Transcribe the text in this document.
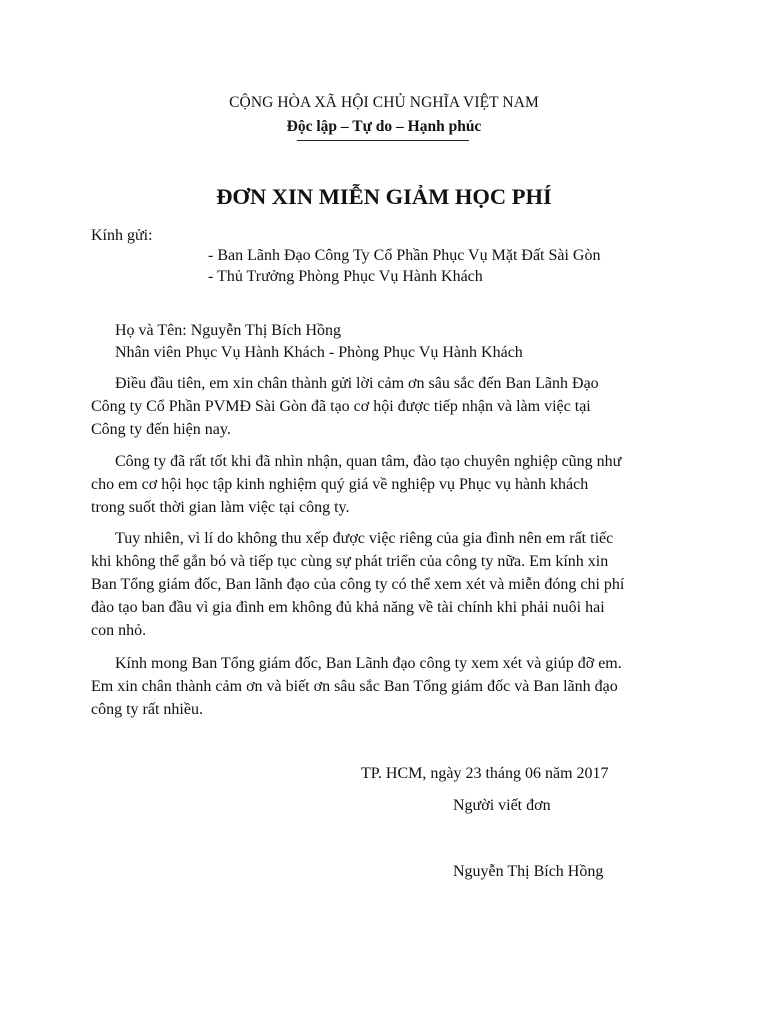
CỘNG HÒA XÃ HỘI CHỦ NGHĨA VIỆT NAM
Độc lập – Tự do – Hạnh phúc
ĐƠN XIN MIỄN GIẢM HỌC PHÍ
Kính gửi:
- Ban Lãnh Đạo Công Ty Cổ Phần Phục Vụ Mặt Đất Sài Gòn
- Thủ Trưởng Phòng Phục Vụ Hành Khách
Họ và Tên: Nguyễn Thị Bích Hồng
Nhân viên Phục Vụ Hành Khách - Phòng Phục Vụ Hành Khách
Điều đầu tiên, em xin chân thành gửi lời cảm ơn sâu sắc đến Ban Lãnh Đạo
Công ty Cổ Phần PVMĐ Sài Gòn đã tạo cơ hội được tiếp nhận và làm việc tại
Công ty đến hiện nay.
Công ty đã rất tốt khi đã nhìn nhận, quan tâm, đào tạo chuyên nghiệp cũng như
cho em cơ hội học tập kinh nghiệm quý giá về nghiệp vụ Phục vụ hành khách
trong suốt thời gian làm việc tại công ty.
Tuy nhiên, vì lí do không thu xếp được việc riêng của gia đình nên em rất tiếc
khi không thể gắn bó và tiếp tục cùng sự phát triển của công ty nữa. Em kính xin
Ban Tổng giám đốc, Ban lãnh đạo của công ty có thể xem xét và miễn đóng chi phí
đào tạo ban đầu vì gia đình em không đủ khả năng về tài chính khi phải nuôi hai
con nhỏ.
Kính mong Ban Tổng giám đốc, Ban Lãnh đạo công ty xem xét và giúp đỡ em.
Em xin chân thành cảm ơn và biết ơn sâu sắc Ban Tổng giám đốc và Ban lãnh đạo
công ty rất nhiều.
TP. HCM, ngày 23 tháng 06 năm 2017
Người viết đơn
Nguyễn Thị Bích Hồng
